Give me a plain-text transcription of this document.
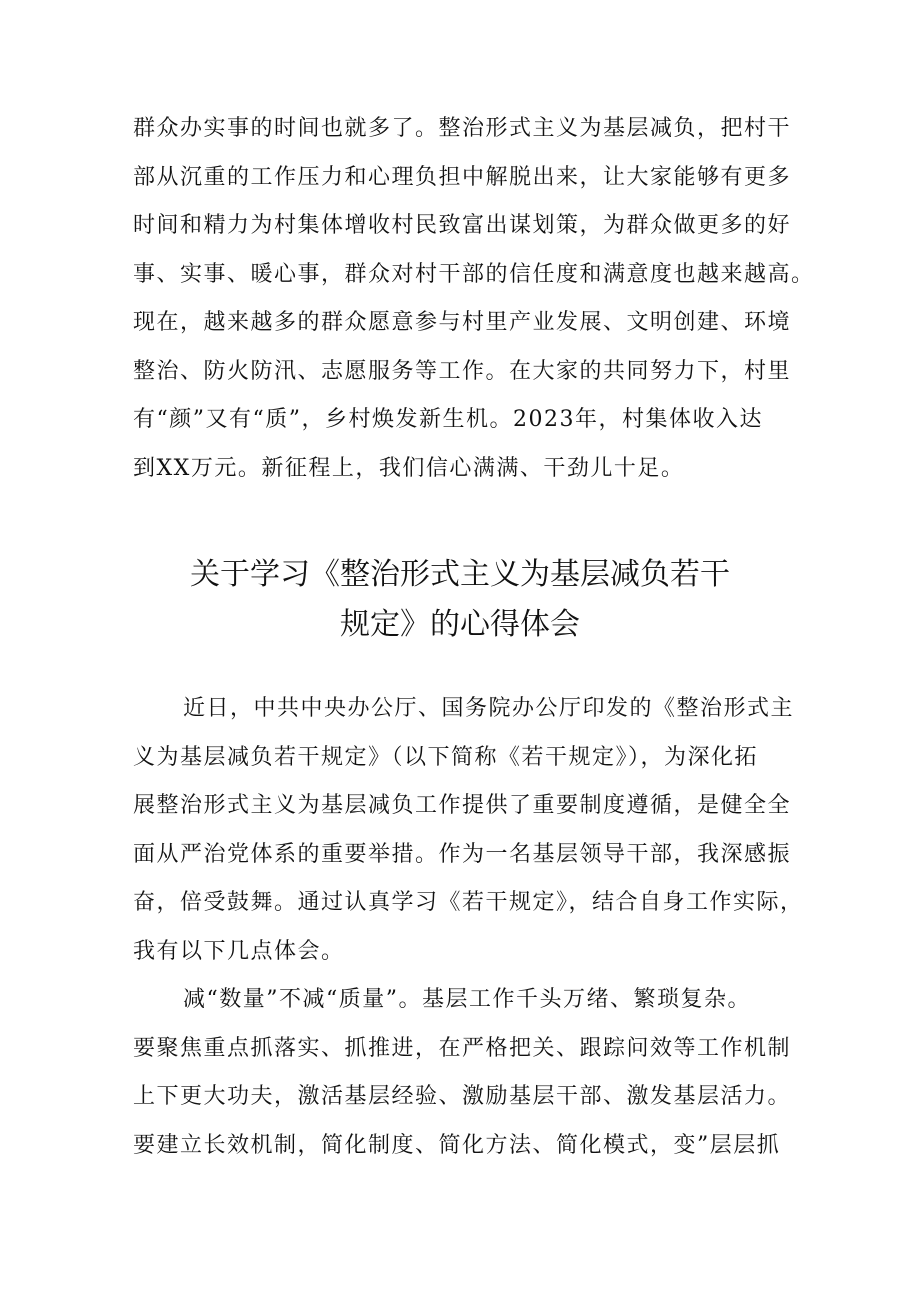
群众办实事的时间也就多了。整治形式主义为基层减负，把村干
部从沉重的工作压力和心理负担中解脱出来，让大家能够有更多
时间和精力为村集体增收村民致富出谋划策，为群众做更多的好
事、实事、暖心事，群众对村干部的信任度和满意度也越来越高。
现在，越来越多的群众愿意参与村里产业发展、文明创建、环境
整治、防火防汛、志愿服务等工作。在大家的共同努力下，村里
有“颜”又有“质”，乡村焕发新生机。2023年，村集体收入达
到XX万元。新征程上，我们信心满满、干劲儿十足。
关于学习《整治形式主义为基层减负若干
规定》的心得体会
近日，中共中央办公厅、国务院办公厅印发的《整治形式主
义为基层减负若干规定》（以下简称《若干规定》），为深化拓
展整治形式主义为基层减负工作提供了重要制度遵循，是健全全
面从严治党体系的重要举措。作为一名基层领导干部，我深感振
奋，倍受鼓舞。通过认真学习《若干规定》，结合自身工作实际，
我有以下几点体会。
减“数量”不减“质量”。基层工作千头万绪、繁琐复杂。
要聚焦重点抓落实、抓推进，在严格把关、跟踪问效等工作机制
上下更大功夫，激活基层经验、激励基层干部、激发基层活力。
要建立长效机制，简化制度、简化方法、简化模式，变”层层抓
